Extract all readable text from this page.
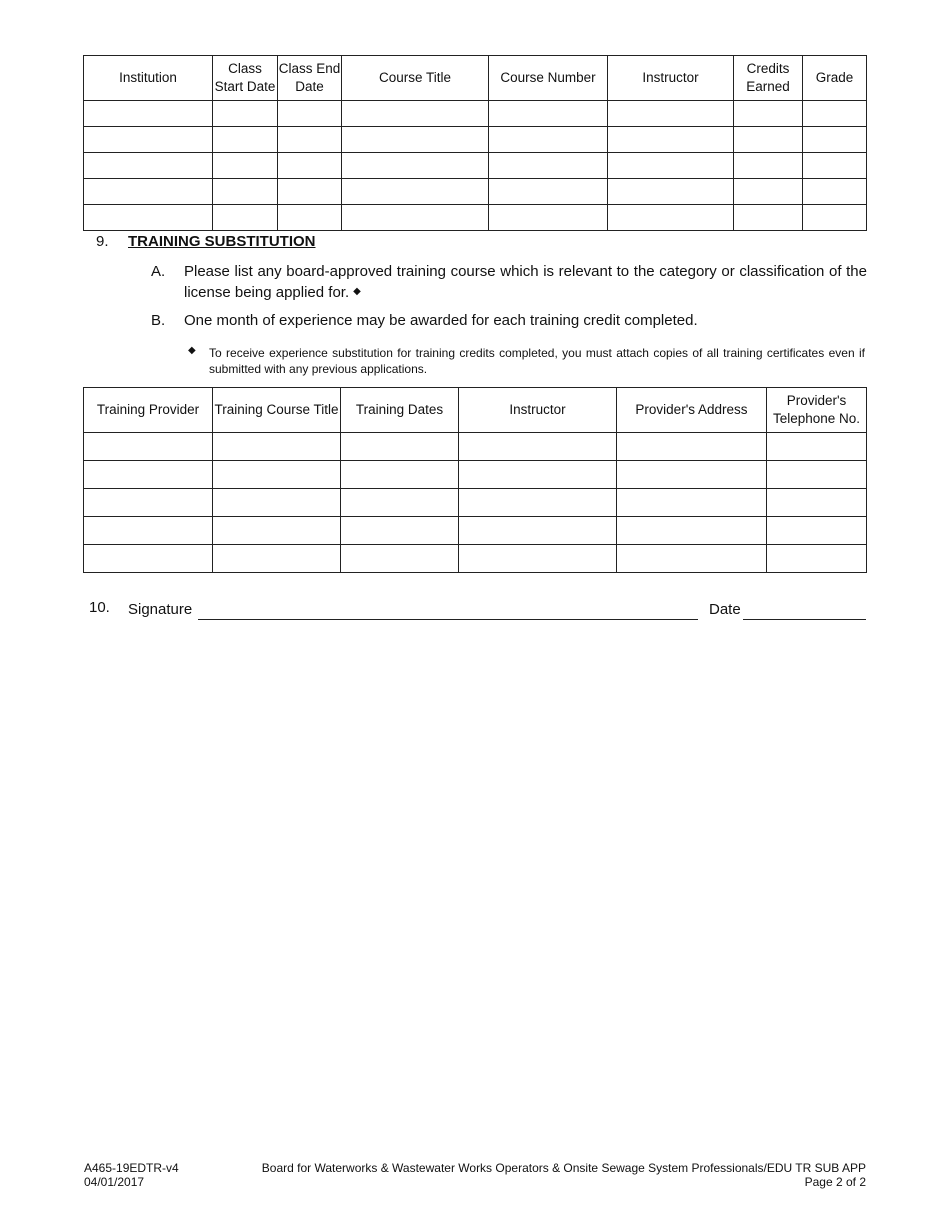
Institution	Class Start Date	Class End Date	Course Title	Course Number	Instructor	Credits Earned	Grade

9. TRAINING SUBSTITUTION
A. Please list any board-approved training course which is relevant to the category or classification of the license being applied for. ◆
B. One month of experience may be awarded for each training credit completed.
◆ To receive experience substitution for training credits completed, you must attach copies of all training certificates even if submitted with any previous applications.
Training Provider	Training Course Title	Training Dates	Instructor	Provider's Address	Provider's Telephone No.

10. Signature	Date
A465-19EDTR-v4
04/01/2017
Board for Waterworks & Wastewater Works Operators & Onsite Sewage System Professionals/EDU TR SUB APP
Page 2 of 2
